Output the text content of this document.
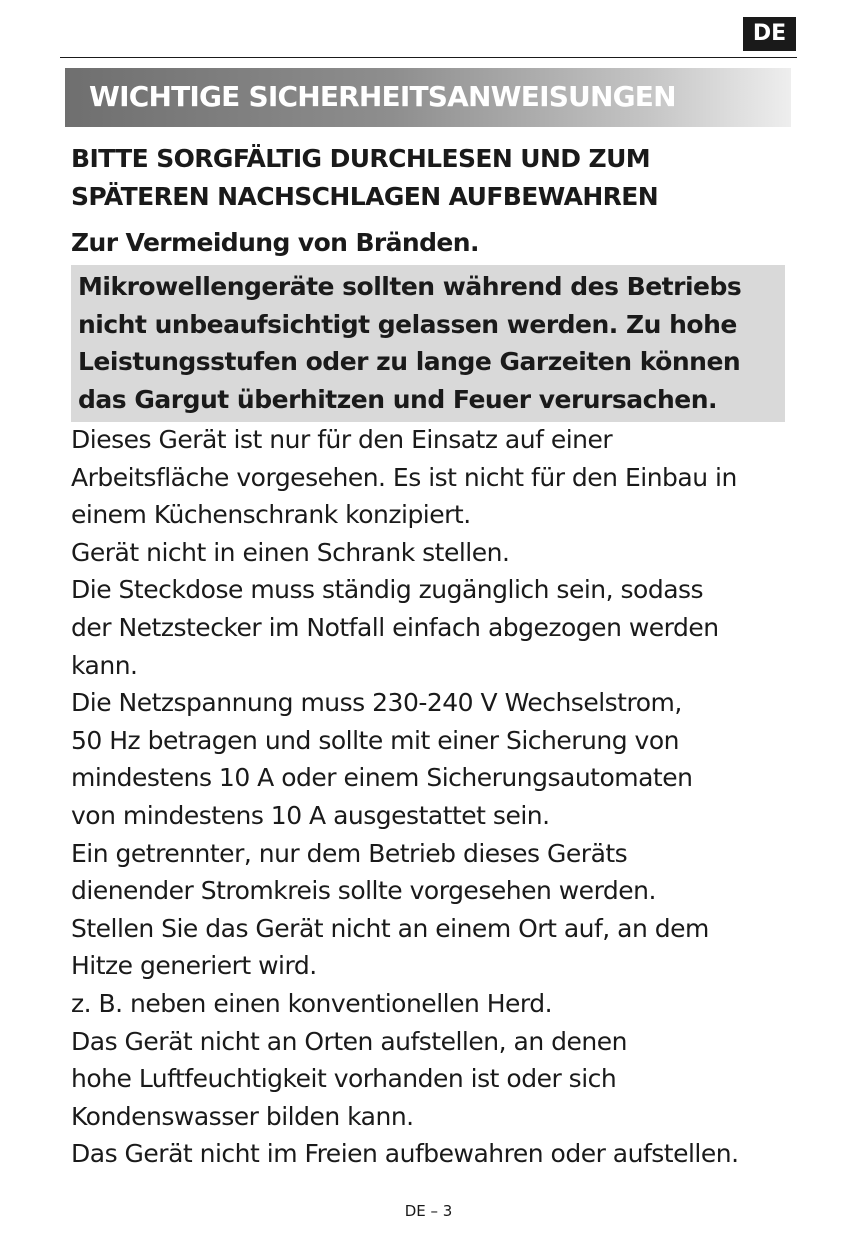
DE
WICHTIGE SICHERHEITSANWEISUNGEN
BITTE SORGFÄLTIG DURCHLESEN UND ZUM
SPÄTEREN NACHSCHLAGEN AUFBEWAHREN
Zur Vermeidung von Bränden.
Mikrowellengeräte sollten während des Betriebs
nicht unbeaufsichtigt gelassen werden. Zu hohe
Leistungsstufen oder zu lange Garzeiten können
das Gargut überhitzen und Feuer verursachen.
Dieses Gerät ist nur für den Einsatz auf einer
Arbeitsfläche vorgesehen. Es ist nicht für den Einbau in
einem Küchenschrank konzipiert.
Gerät nicht in einen Schrank stellen.
Die Steckdose muss ständig zugänglich sein, sodass
der Netzstecker im Notfall einfach abgezogen werden
kann.
Die Netzspannung muss 230-240 V Wechselstrom,
50 Hz betragen und sollte mit einer Sicherung von
mindestens 10 A oder einem Sicherungsautomaten
von mindestens 10 A ausgestattet sein.
Ein getrennter, nur dem Betrieb dieses Geräts
dienender Stromkreis sollte vorgesehen werden.
Stellen Sie das Gerät nicht an einem Ort auf, an dem
Hitze generiert wird.
z. B. neben einen konventionellen Herd.
Das Gerät nicht an Orten aufstellen, an denen
hohe Luftfeuchtigkeit vorhanden ist oder sich
Kondenswasser bilden kann.
Das Gerät nicht im Freien aufbewahren oder aufstellen.
DE – 3
